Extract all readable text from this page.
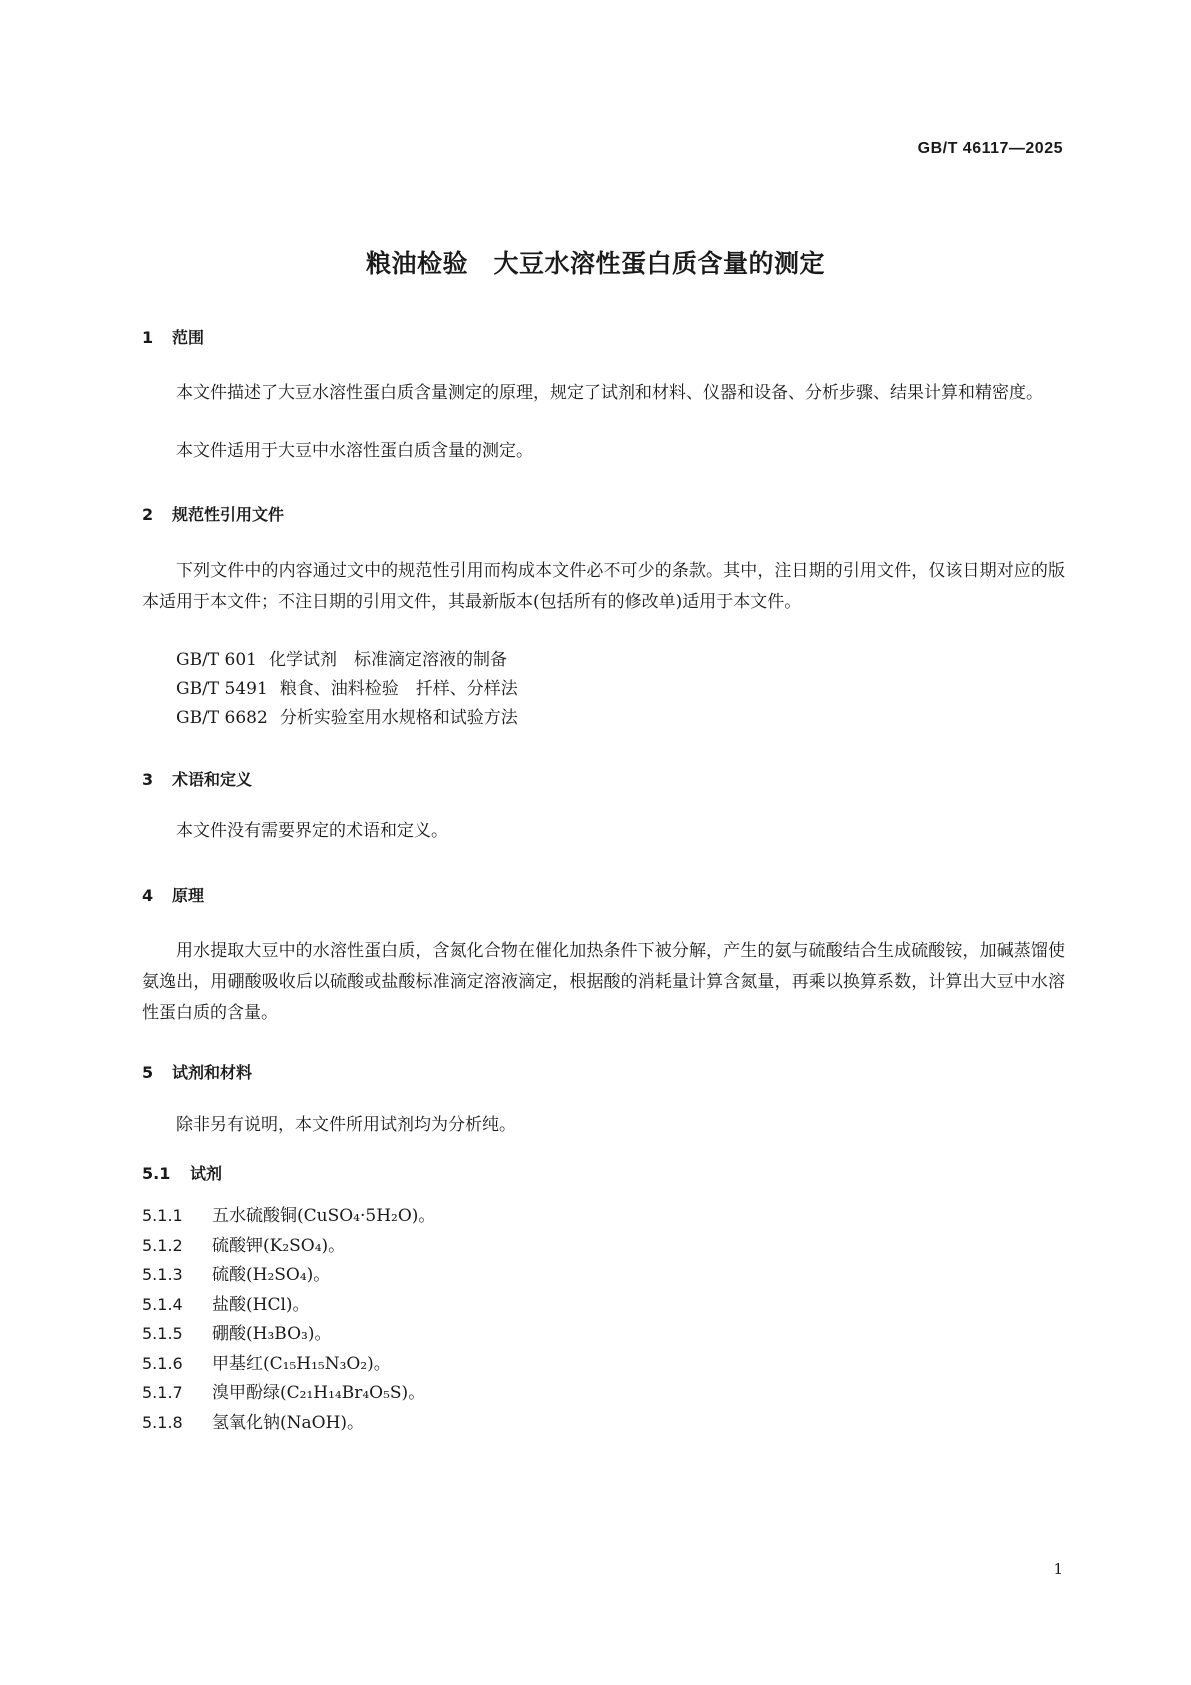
GB/T 46117—2025

粮油检验　大豆水溶性蛋白质含量的测定
1 范围

本文件描述了大豆水溶性蛋白质含量测定的原理，规定了试剂和材料、仪器和设备、分析步骤、结果计算和精密度。

本文件适用于大豆中水溶性蛋白质含量的测定。

2 规范性引用文件

下列文件中的内容通过文中的规范性引用而构成本文件必不可少的条款。其中，注日期的引用文件，仅该日期对应的版本适用于本文件；不注日期的引用文件，其最新版本(包括所有的修改单)适用于本文件。

GB/T 601 化学试剂　标准滴定溶液的制备

GB/T 5491 粮食、油料检验　扦样、分样法

GB/T 6682 分析实验室用水规格和试验方法

3 术语和定义

本文件没有需要界定的术语和定义。

4 原理

用水提取大豆中的水溶性蛋白质，含氮化合物在催化加热条件下被分解，产生的氨与硫酸结合生成硫酸铵，加碱蒸馏使氨逸出，用硼酸吸收后以硫酸或盐酸标准滴定溶液滴定，根据酸的消耗量计算含氮量，再乘以换算系数，计算出大豆中水溶性蛋白质的含量。

5 试剂和材料

除非另有说明，本文件所用试剂均为分析纯。

5.1 试剂

5.1.1 五水硫酸铜(CuSO₄·5H₂O)。

5.1.2 硫酸钾(K₂SO₄)。

5.1.3 硫酸(H₂SO₄)。

5.1.4 盐酸(HCl)。

5.1.5 硼酸(H₃BO₃)。

5.1.6 甲基红(C₁₅H₁₅N₃O₂)。

5.1.7 溴甲酚绿(C₂₁H₁₄Br₄O₅S)。

5.1.8 氢氧化钠(NaOH)。

1
